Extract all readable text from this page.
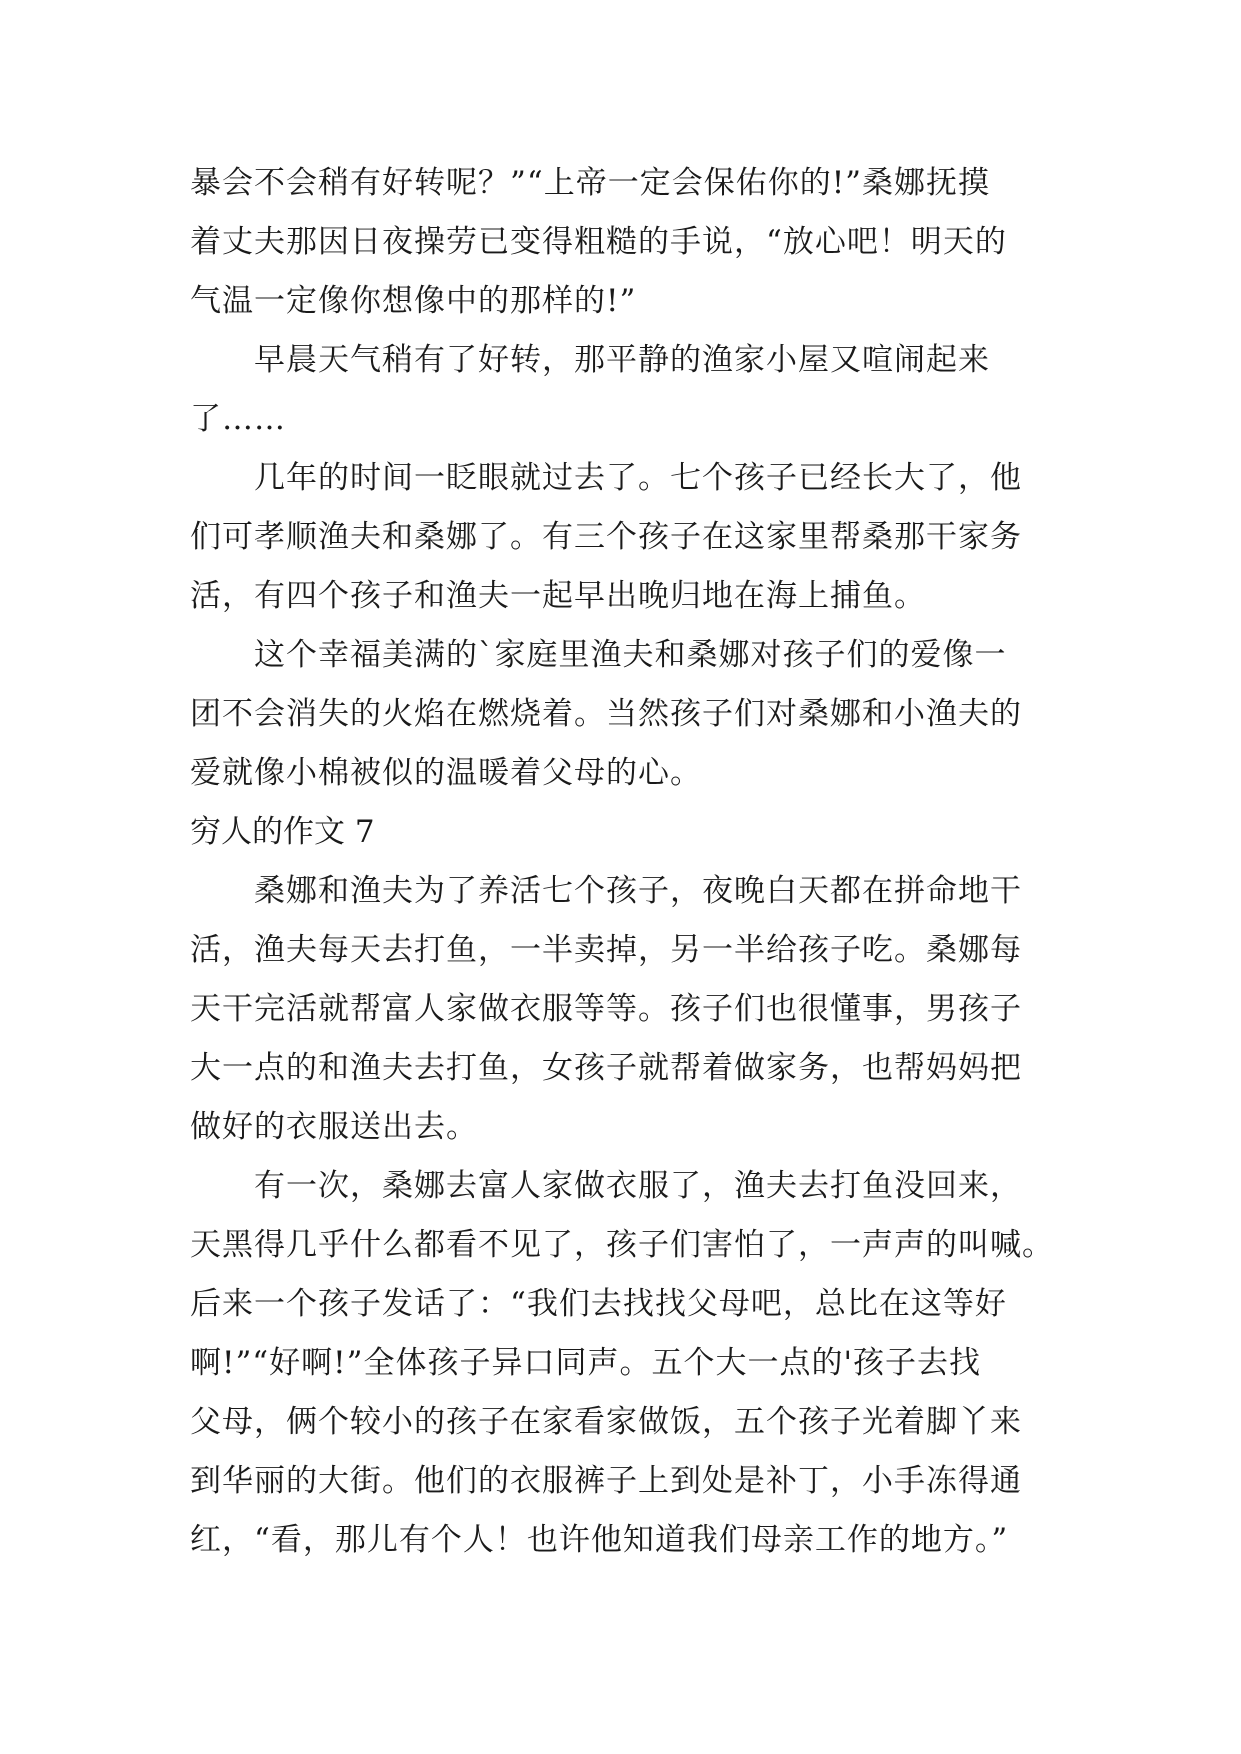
暴会不会稍有好转呢？”“上帝一定会保佑你的!”桑娜抚摸
着丈夫那因日夜操劳已变得粗糙的手说，“放心吧！明天的
气温一定像你想像中的那样的!”
　　早晨天气稍有了好转，那平静的渔家小屋又喧闹起来
了……
　　几年的时间一眨眼就过去了。七个孩子已经长大了，他
们可孝顺渔夫和桑娜了。有三个孩子在这家里帮桑那干家务
活，有四个孩子和渔夫一起早出晚归地在海上捕鱼。
　　这个幸福美满的`家庭里渔夫和桑娜对孩子们的爱像一
团不会消失的火焰在燃烧着。当然孩子们对桑娜和小渔夫的
爱就像小棉被似的温暖着父母的心。
穷人的作文 7
　　桑娜和渔夫为了养活七个孩子，夜晚白天都在拼命地干
活，渔夫每天去打鱼，一半卖掉，另一半给孩子吃。桑娜每
天干完活就帮富人家做衣服等等。孩子们也很懂事，男孩子
大一点的和渔夫去打鱼，女孩子就帮着做家务，也帮妈妈把
做好的衣服送出去。
　　有一次，桑娜去富人家做衣服了，渔夫去打鱼没回来，
天黑得几乎什么都看不见了，孩子们害怕了，一声声的叫喊。
后来一个孩子发话了：“我们去找找父母吧，总比在这等好
啊!”“好啊!”全体孩子异口同声。五个大一点的'孩子去找
父母，俩个较小的孩子在家看家做饭，五个孩子光着脚丫来
到华丽的大街。他们的衣服裤子上到处是补丁，小手冻得通
红，“看，那儿有个人！也许他知道我们母亲工作的地方。”
